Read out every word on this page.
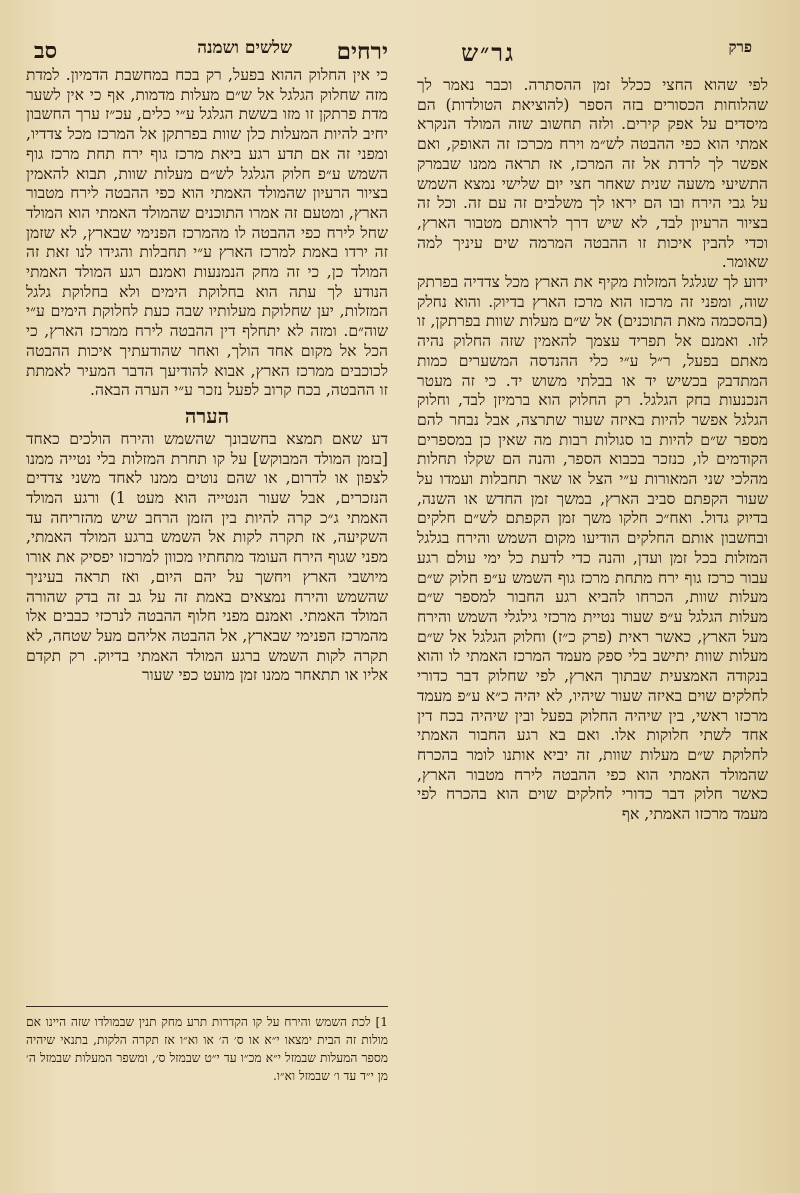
פרק
גר״ש
ירחים
שלשים ושמנה
סב

לפי שהוא החצי ככלל זמן ההסתרה. וכבר נאמר לך שהלוחות הכסורים בזה הספר (להוציאת הטולדות) הם מיסדים על אפק קירים. ולזה תחשוב שזה המולד הנקרא אמתי הוא כפי ההבטה לש״מ וירח מכרכז זה האופק, ואם אפשר לך לרדת אל זה המרכז, אז תראה ממנו שבמרק התשיעי משעה שנית שאחר חצי יום שלישי נמצא השמש על גבי הירח ובו הם יראו לך משלבים זה עם זה. וכל זה בציור הרעיון לבד, לא שיש דרך לראותם מטבור הארץ, וכדי להבין איכות זו ההבטה המרמה שים עיניך למה שאומר.

ידוע לך שגלגל המזלות מקיף את הארץ מכל צדדיה בפרתק שוה, ומפני זה מרכזו הוא מרכז הארץ בדיוק. והוא נחלק (בהסכמה מאת התוכנים) אל ש״ם מעלות שוות בפרתקן, זו לזו. ואמנם אל תפריד עצמך להאמין שזה החלוק נהיה מאתם בפעל, ר״ל ע״י כלי ההנדסה המשערים כמות המתדבק בכשיש יד או בבלתי משוש יד. כי זה מעטר הנכנעות בחק הגלגל. רק החלוק הוא ברמיזן לבד, וחלוק הגלגל אפשר להיות באיזה שעור שתרצה, אבל נבחר להם מספר ש״ם להיות בו סגולות רבות מה שאין כן במספרים הקודמים לו, כנזכר בכבוא הספר, והנה הם שקלו תחלות מהלכי שני המאורות ע״י הצל או שאר תחבלות ועמדו על שעור הקפתם סביב הארץ, במשך זמן החדש או השנה, בדיוק גדול. ואח״כ חלקו משך זמן הקפתם לש״ם חלקים ובחשבון אותם החלקים הודיעו מקום השמש והירח בגלגל המזלות בכל זמן ועדן, והנה כדי לדעת כל ימי עולם רגע עבור כרכז גוף ירח מתחת מרכז גוף השמש ע״פ חלוק ש״ם מעלות שוות, הכרחו להביא רגע החבור למספר ש״ם מעלות הגלגל ע״פ שעור נטיית מרכזי גילגלי השמש והירח מעל הארץ, כאשר ראית (פרק כ״ז) וחלוק הגלגל אל ש״ם מעלות שוות יתישב בלי ספק מעמד המרכז האמתי לו והוא בנקודה האמצעית שבתוך הארץ, לפי שחלוק דבר כדורי לחלקים שוים באיזה שעור שיהיו, לא יהיה כ״א ע״פ מעמד מרכזו ראשי, בין שיהיה החלוק בפעל ובין שיהיה בכח דין אחד לשתי חלוקות אלו. ואם בא רגע החבור האמתי לחלוקת ש״ם מעלות שוות, זה יביא אותנו לומר בהכרח שהמולד האמתי הוא כפי ההבטה לירח מטבור הארץ, כאשר חלוק דבר כדורי לחלקים שוים הוא בהכרח לפי מעמד מרכזו האמתי, אף

כי אין החלוק ההוא בפעל, רק בכח במחשבת הדמיון. למדת מזה שחלוק הגלגל אל ש״ם מעלות מדמות, אף כי אין לשער מדת פרתקן זו מזו בששת הגלגל ע״י כלים, עכ״ז ערך החשבון יחיב להיות המעלות כלן שוות בפרתקן אל המרכז מכל צדדיו, ומפני זה אם תדע רגע ביאת מרכז גוף ירח תחת מרכז גוף השמש ע״פ חלוק הגלגל לש״ם מעלות שוות, תבוא להאמין בציור הרעיון שהמולד האמתי הוא כפי ההבטה לירח מטבור הארץ, ומטעם זה אמרו התוכנים שהמולד האמתי הוא המולד שחל לירח כפי ההבטה לו מהמרכז הפנימי שבארץ, לא שזמן זה ירדו באמת למרכז הארץ ע״י תחבלות והגידו לנו זאת זה המולד כן, כי זה מחק הנמנעות ואמנם רגע המולד האמתי הנודע לך עתה הוא בחלוקת הימים ולא בחלוקת גלגל המזלות, יען שחלוקת מעלותיו שבה כעת לחלוקת הימים ע״י שוה״ם. ומזה לא יתחלף דין ההבטה לירח ממרכז הארץ, כי הכל אל מקום אחד הולך, ואחר שהודעתיך איכות ההבטה לכוכבים ממרכז הארץ, אבוא להודיעך הדבר המעיר לאמתת זו ההבטה, בכח קרוב לפעל נזכר ע״י הערה הבאה.

הערה

דע שאם תמצא בחשבונך שהשמש והירח הולכים כאחד [בזמן המולד המבוקש] על קו תחרת המזלות בלי נטייה ממנו לצפון או לדרום, או שהם נוטים ממנו לאחד משני צדדים הנזכרים, אבל שעור הנטייה הוא מעט 1) ורגע המולד האמתי ג״כ קרה להיות בין הזמן הרחב שיש מהזריחה עד השקיעה, אז תקרה לקות אל השמש ברגע המולד האמתי, מפני שגוף הירח העומד מתחתיו מכוון למרכזו יפסיק את אורו מיושבי הארץ ויחשך על יהם היום, ואז תראה בעיניך שהשמש והירח נמצאים באמת זה על גב זה בדק שהורה המולד האמתי. ואמנם מפני חלוף ההבטה לנרכזי כבבים אלו מהמרכז הפנימי שבארץ, אל ההבטה אליהם מעל שטחה, לא תקרה לקות השמש ברגע המולד האמתי בדיוק. רק תקדם אליו או תתאחר ממנו זמן מועט כפי שעור

1] לכת השמש והירח על קו הקדרות תרע מחק תנין שבמולדו שזה היינו אם מולות זה הבית ימצאו י״א או ס׳ ה׳ או וא״ו אז תקרה הלקות, בתנאי שיהיה מספר המעלות שבמזל י״א מכ״ו עד י״ט שבמזל ס׳, ומשפר המעלות שבמזל ה׳ מן י״ד עד ו׳ שבמזל וא״ו.
